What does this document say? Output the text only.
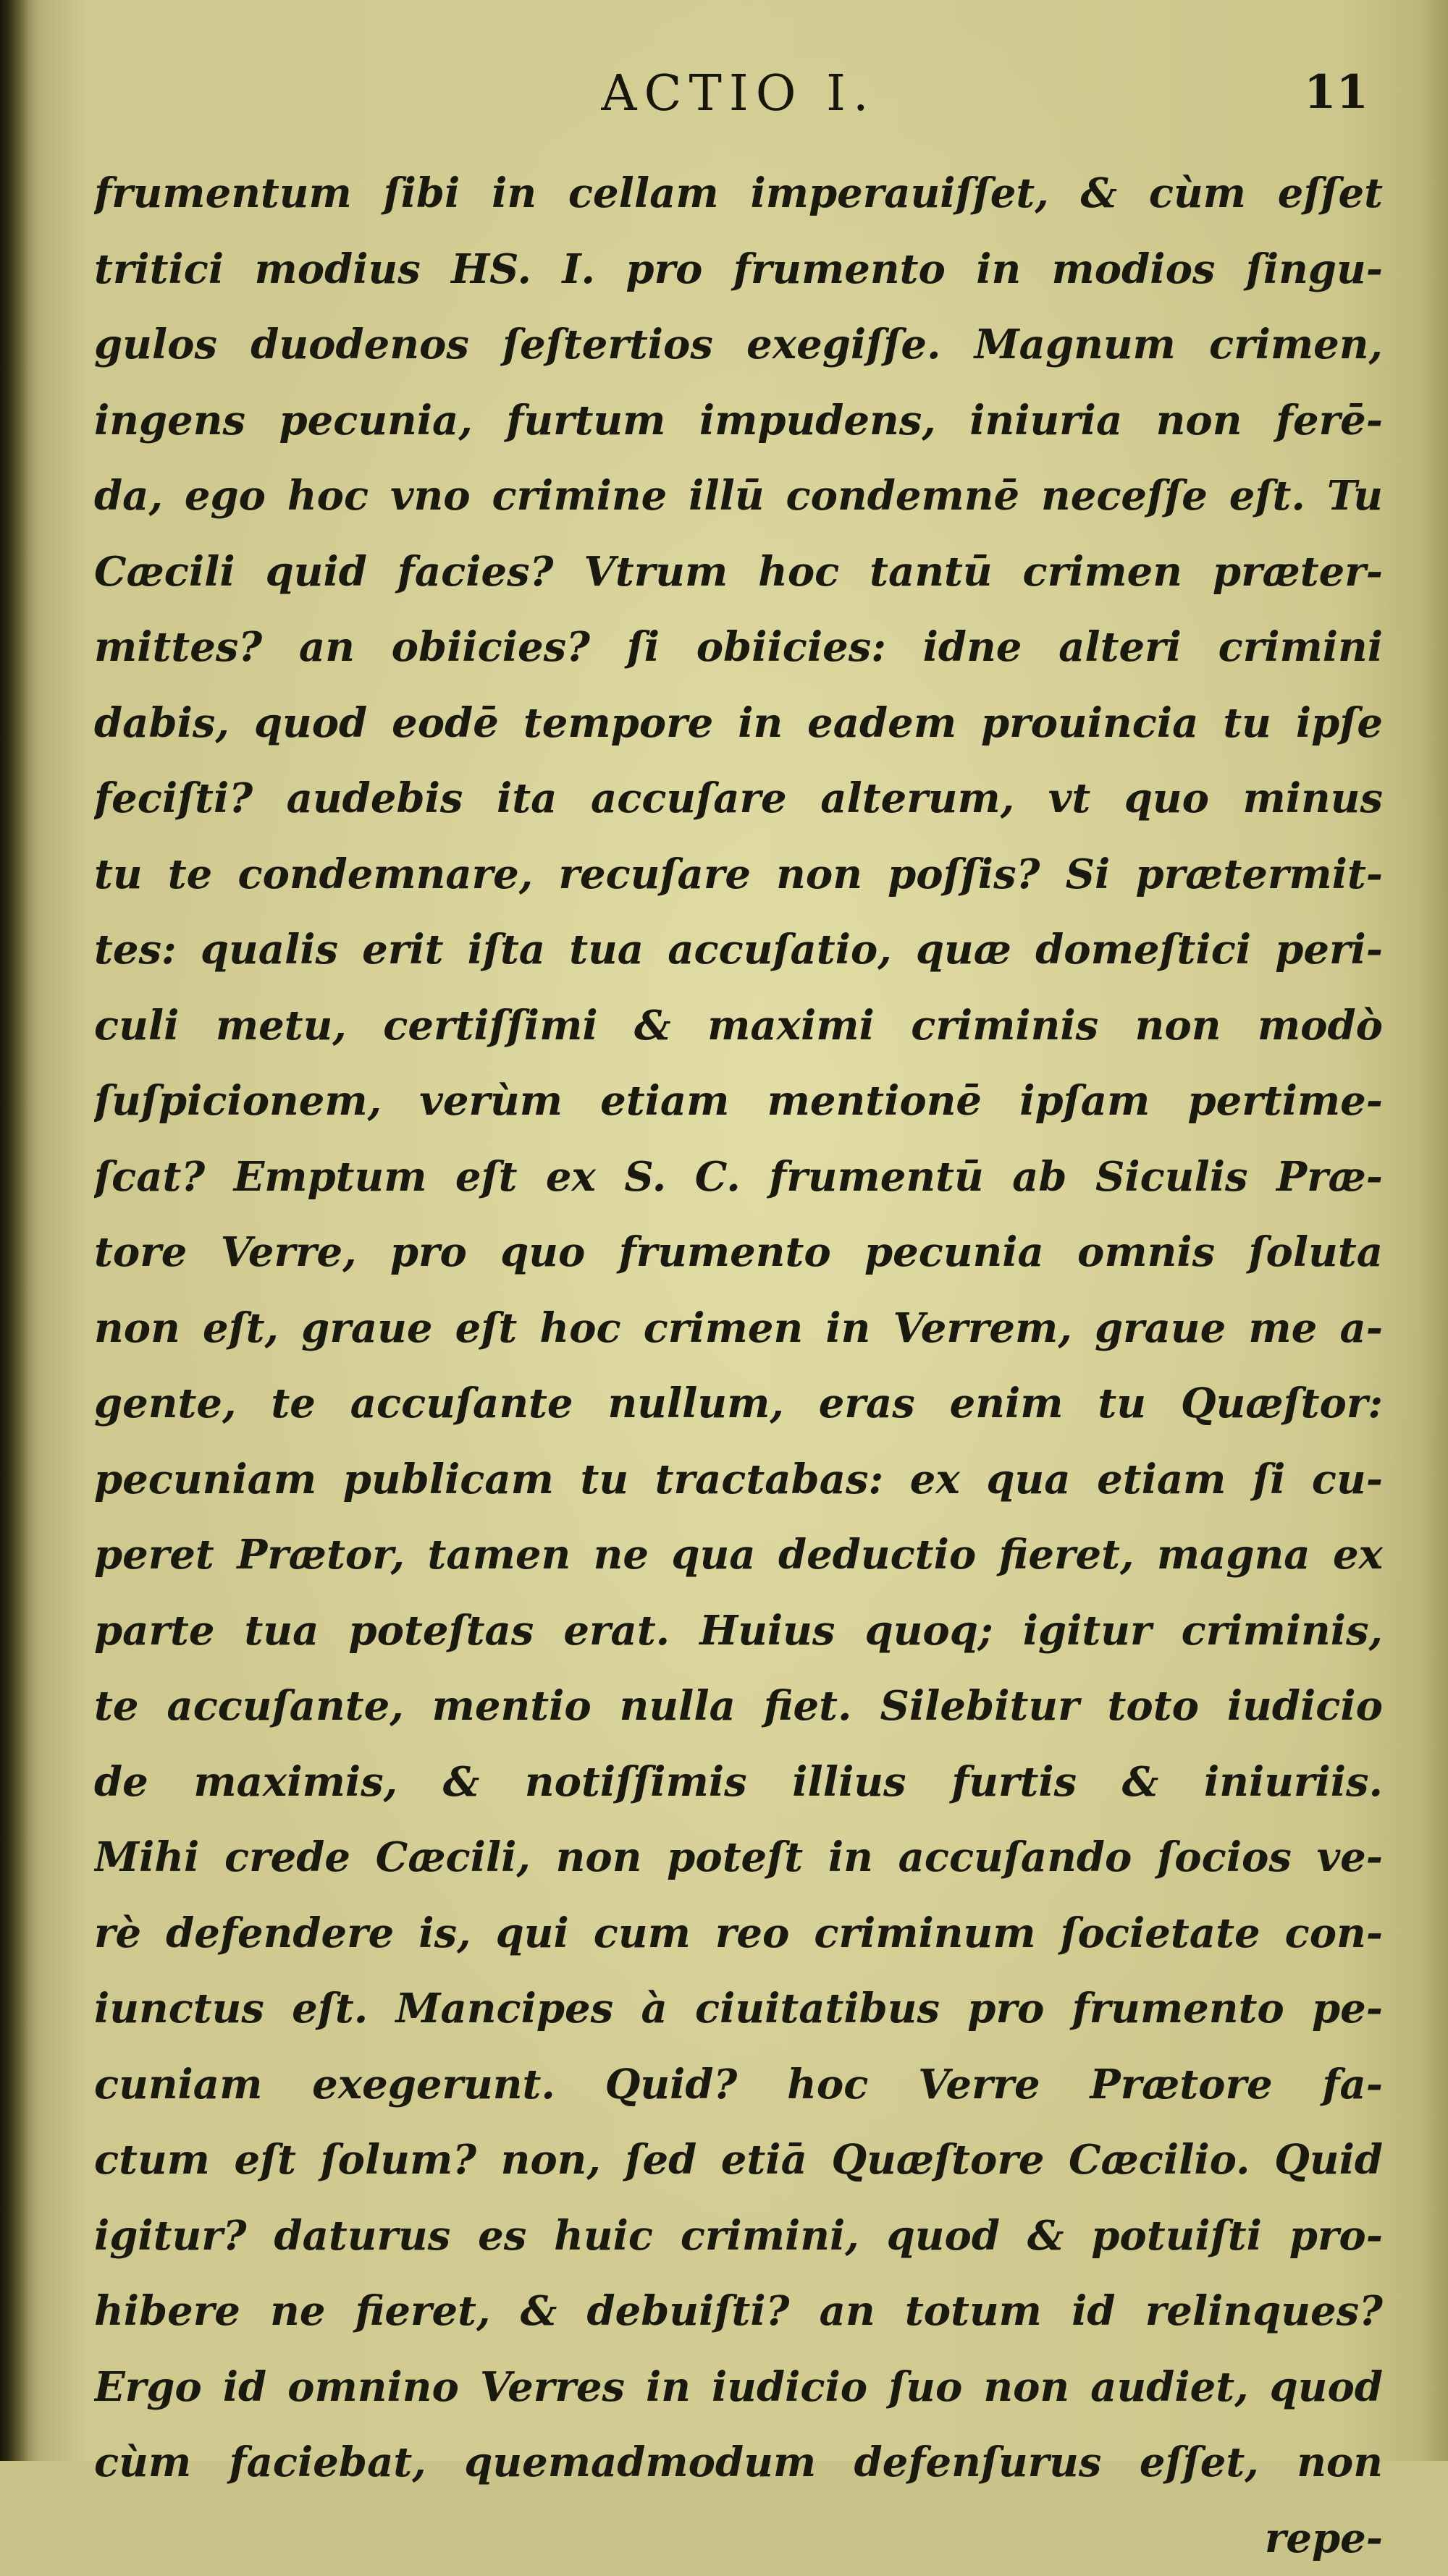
ACTIO I.	11
frumentum ſibi in cellam imperauiſſet, & cùm eſſet
tritici modius HS. I. pro frumento in modios ſingu-
gulos duodenos ſeſtertios exegiſſe. Magnum crimen,
ingens pecunia, furtum impudens, iniuria non ferē-
da, ego hoc vno crimine illū condemnē neceſſe eſt. Tu
Cæcili quid facies? Vtrum hoc tantū crimen præter-
mittes? an obiicies? ſi obiicies: idne alteri crimini
dabis, quod eodē tempore in eadem prouincia tu ipſe
feciſti? audebis ita accuſare alterum, vt quo minus
tu te condemnare, recuſare non poſſis? Si prætermit-
tes: qualis erit iſta tua accuſatio, quæ domeſtici peri-
culi metu, certiſſimi & maximi criminis non modò
ſuſpicionem, verùm etiam mentionē ipſam pertime-
ſcat? Emptum eſt ex S. C. frumentū ab Siculis Præ-
tore Verre, pro quo frumento pecunia omnis ſoluta
non eſt, graue eſt hoc crimen in Verrem, graue me a-
gente, te accuſante nullum, eras enim tu Quæſtor:
pecuniam publicam tu tractabas: ex qua etiam ſi cu-
peret Prætor, tamen ne qua deductio fieret, magna ex
parte tua poteſtas erat. Huius quoq; igitur criminis,
te accuſante, mentio nulla fiet. Silebitur toto iudicio
de maximis, & notiſſimis illius furtis & iniuriis.
Mihi crede Cæcili, non poteſt in accuſando ſocios ve-
rè defendere is, qui cum reo criminum ſocietate con-
iunctus eſt. Mancipes à ciuitatibus pro frumento pe-
cuniam exegerunt. Quid? hoc Verre Prætore fa-
ctum eſt ſolum? non, ſed etiā Quæſtore Cæcilio. Quid
igitur? daturus es huic crimini, quod & potuiſti pro-
hibere ne fieret, & debuiſti? an totum id relinques?
Ergo id omnino Verres in iudicio ſuo non audiet, quod
cùm faciebat, quemadmodum defenſurus eſſet, non
repe-
